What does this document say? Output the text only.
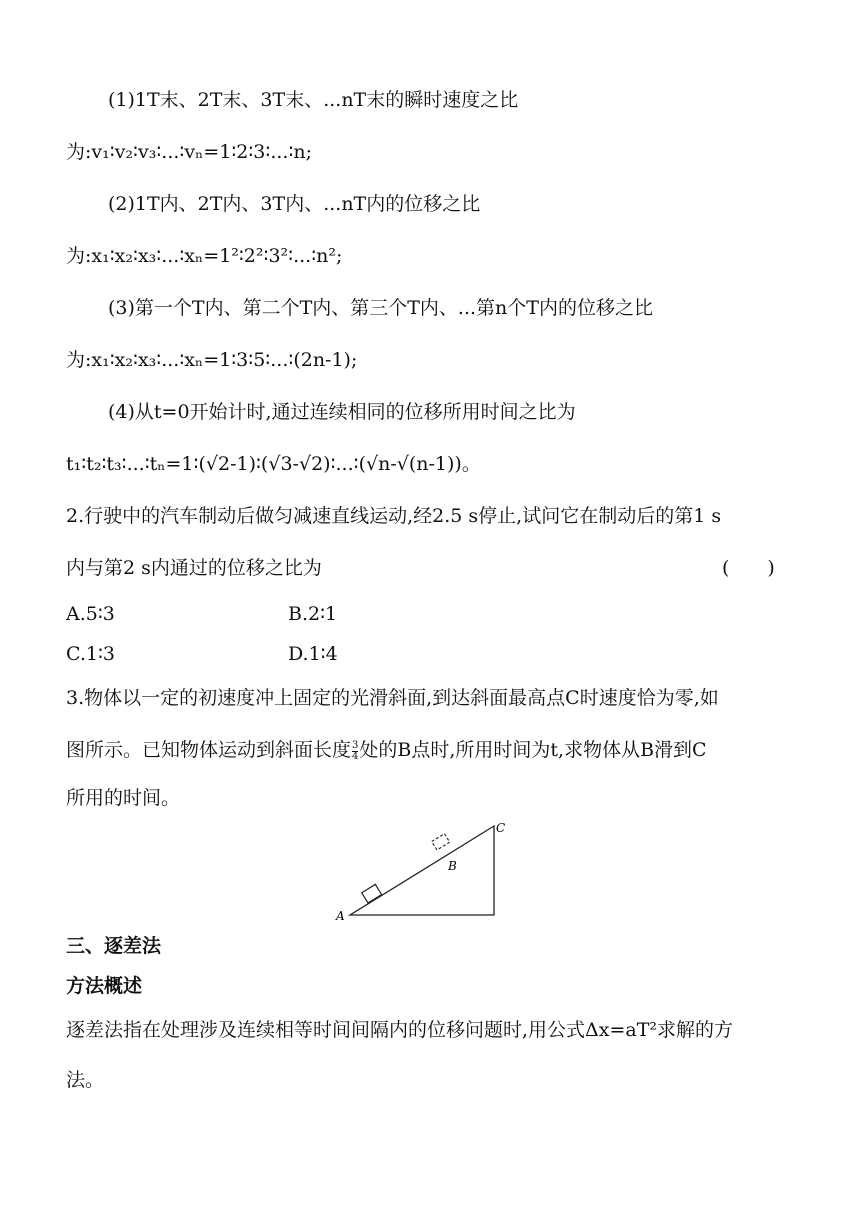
(1)1T末、2T末、3T末、...nT末的瞬时速度之比
为:v₁∶v₂∶v₃∶...∶vₙ=1∶2∶3∶...∶n;
(2)1T内、2T内、3T内、...nT内的位移之比
为:x₁∶x₂∶x₃∶...∶xₙ=1²∶2²∶3²∶...∶n²;
(3)第一个T内、第二个T内、第三个T内、...第n个T内的位移之比
为:x₁∶x₂∶x₃∶...∶xₙ=1∶3∶5∶...∶(2n-1);
(4)从t=0开始计时,通过连续相同的位移所用时间之比为
t₁∶t₂∶t₃∶...∶tₙ=1∶(√2-1)∶(√3-√2)∶...∶(√n-√(n-1))。
2.行驶中的汽车制动后做匀减速直线运动,经2.5 s停止,试问它在制动后的第1 s
内与第2 s内通过的位移之比为	(　　)
A.5∶3	B.2∶1
C.1∶3	D.1∶4
3.物体以一定的初速度冲上固定的光滑斜面,到达斜面最高点C时速度恰为零,如
图所示。已知物体运动到斜面长度 $\frac{3}{4}$ 处的B点时,所用时间为t,求物体从B滑到C
所用的时间。
A
B
C
三、逐差法
方法概述
逐差法指在处理涉及连续相等时间间隔内的位移问题时,用公式Δx=aT²求解的方
法。
